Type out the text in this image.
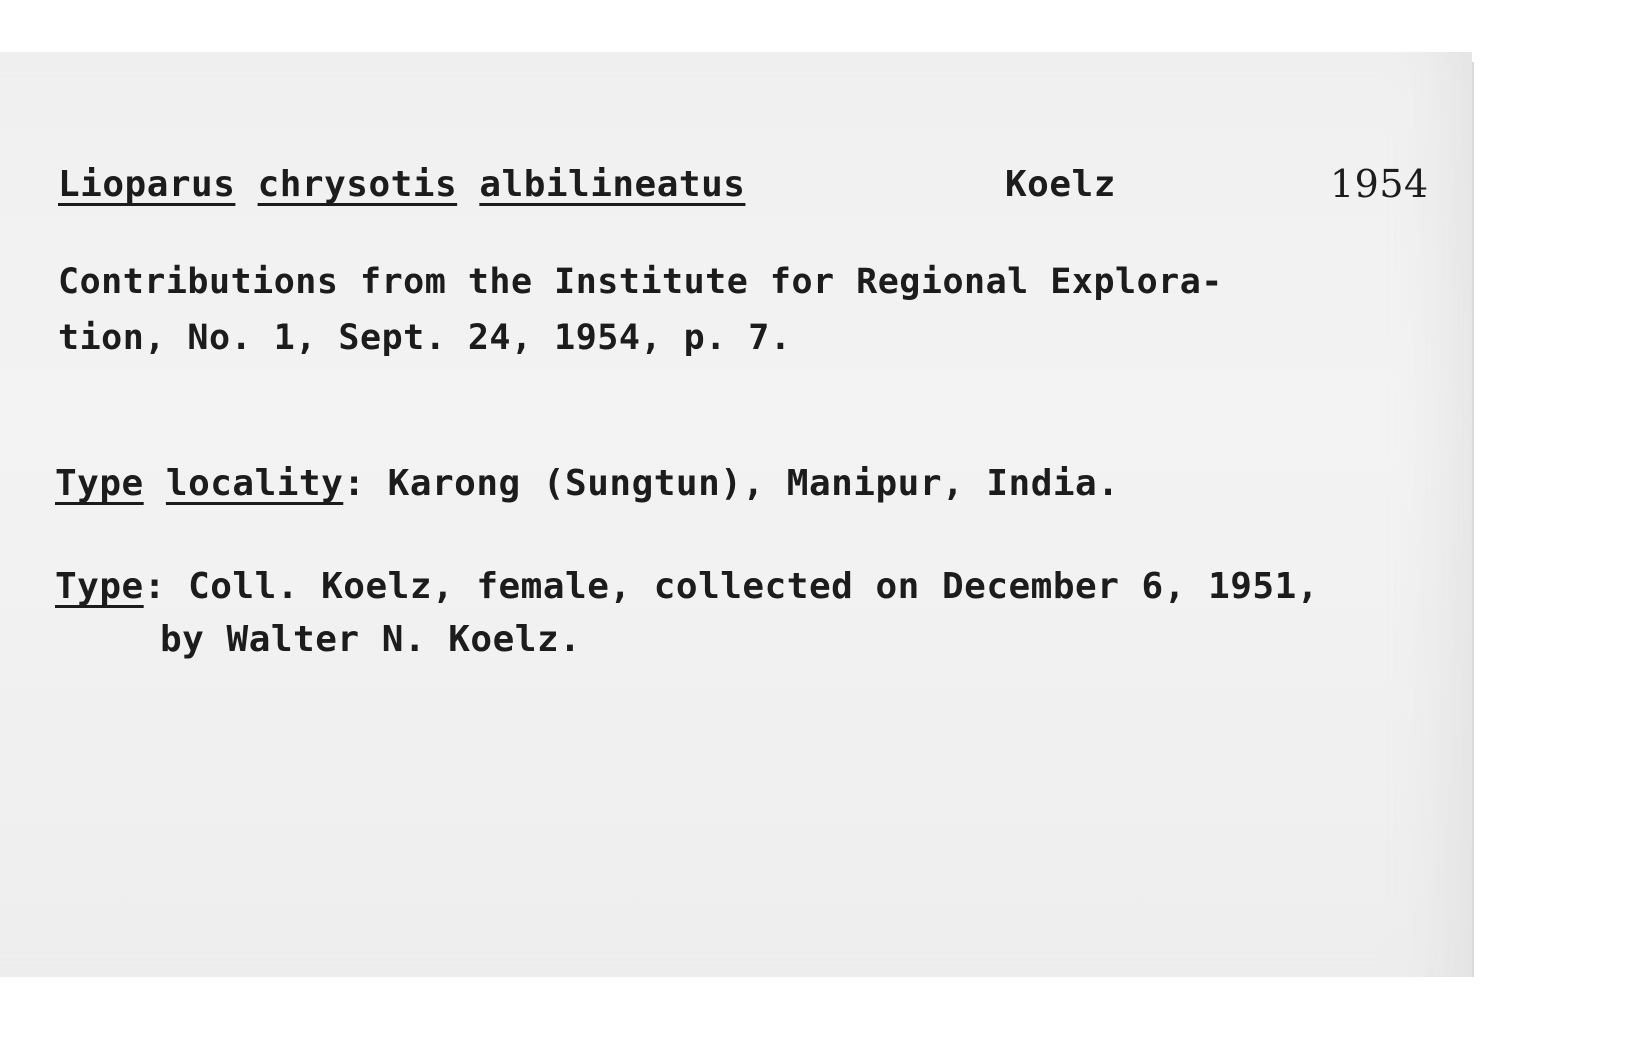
Lioparus chrysotis albilineatus	Koelz	1954
Contributions from the Institute for Regional Explora-
tion, No. 1, Sept. 24, 1954, p. 7.
Type locality: Karong (Sungtun), Manipur, India.
Type: Coll. Koelz, female, collected on December 6, 1951,
by Walter N. Koelz.
